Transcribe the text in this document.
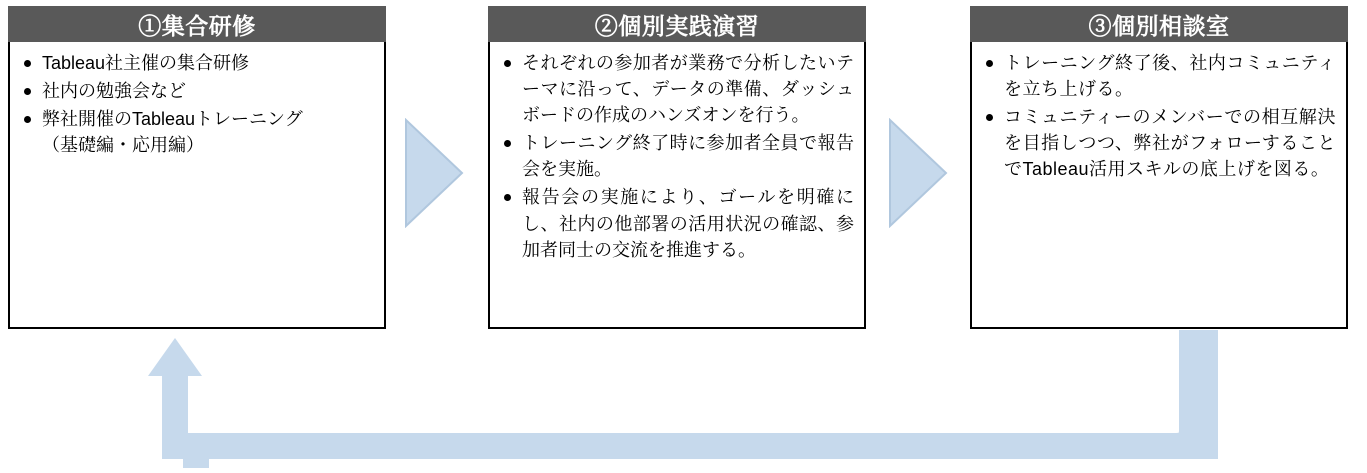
①集合研修
Tableau社主催の集合研修
社内の勉強会など
弊社開催のTableauトレーニング
（基礎編・応用編）
②個別実践演習
それぞれの参加者が業務で分析したいテーマに沿って、データの準備、ダッシュボードの作成のハンズオンを行う。
トレーニング終了時に参加者全員で報告会を実施。
報告会の実施により、ゴールを明確にし、社内の他部署の活用状況の確認、参加者同士の交流を推進する。
③個別相談室
トレーニング終了後、社内コミュニティを立ち上げる。
コミュニティーのメンバーでの相互解決を目指しつつ、弊社がフォローすることでTableau活用スキルの底上げを図る。
